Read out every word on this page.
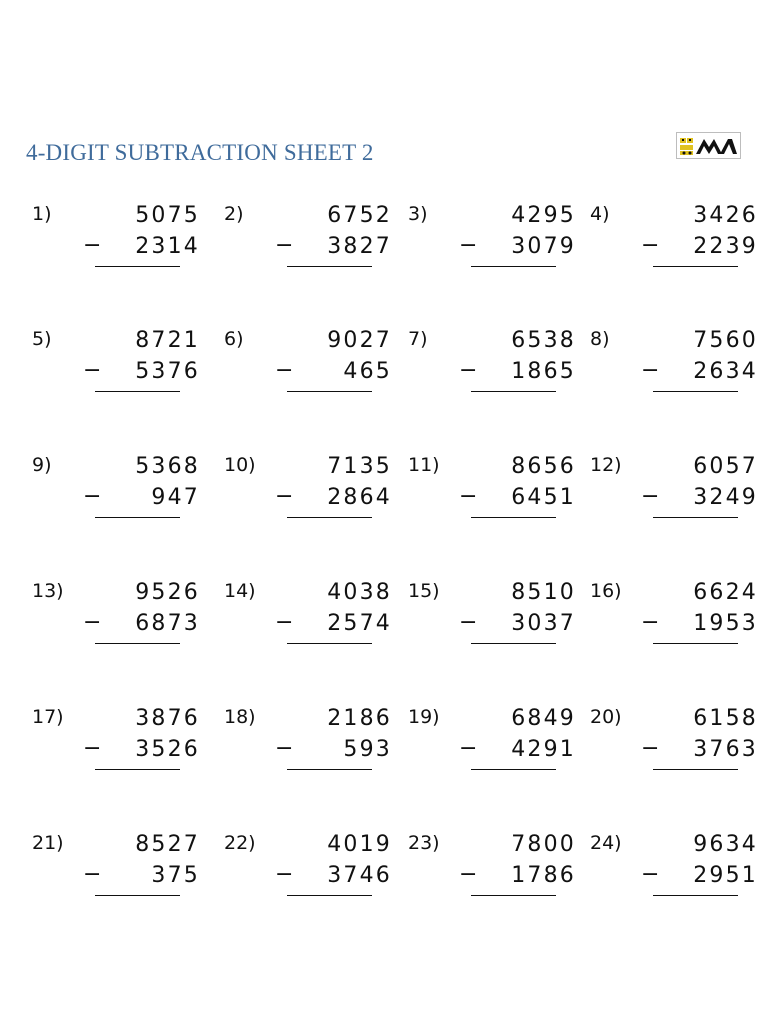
4-DIGIT SUBTRACTION SHEET 2
1)	5075
−	2314
2)	6752
−	3827
3)	4295
−	3079
4)	3426
−	2239
5)	8721
−	5376
6)	9027
−	465
7)	6538
−	1865
8)	7560
−	2634
9)	5368
−	947
10)	7135
−	2864
11)	8656
−	6451
12)	6057
−	3249
13)	9526
−	6873
14)	4038
−	2574
15)	8510
−	3037
16)	6624
−	1953
17)	3876
−	3526
18)	2186
−	593
19)	6849
−	4291
20)	6158
−	3763
21)	8527
−	375
22)	4019
−	3746
23)	7800
−	1786
24)	9634
−	2951
